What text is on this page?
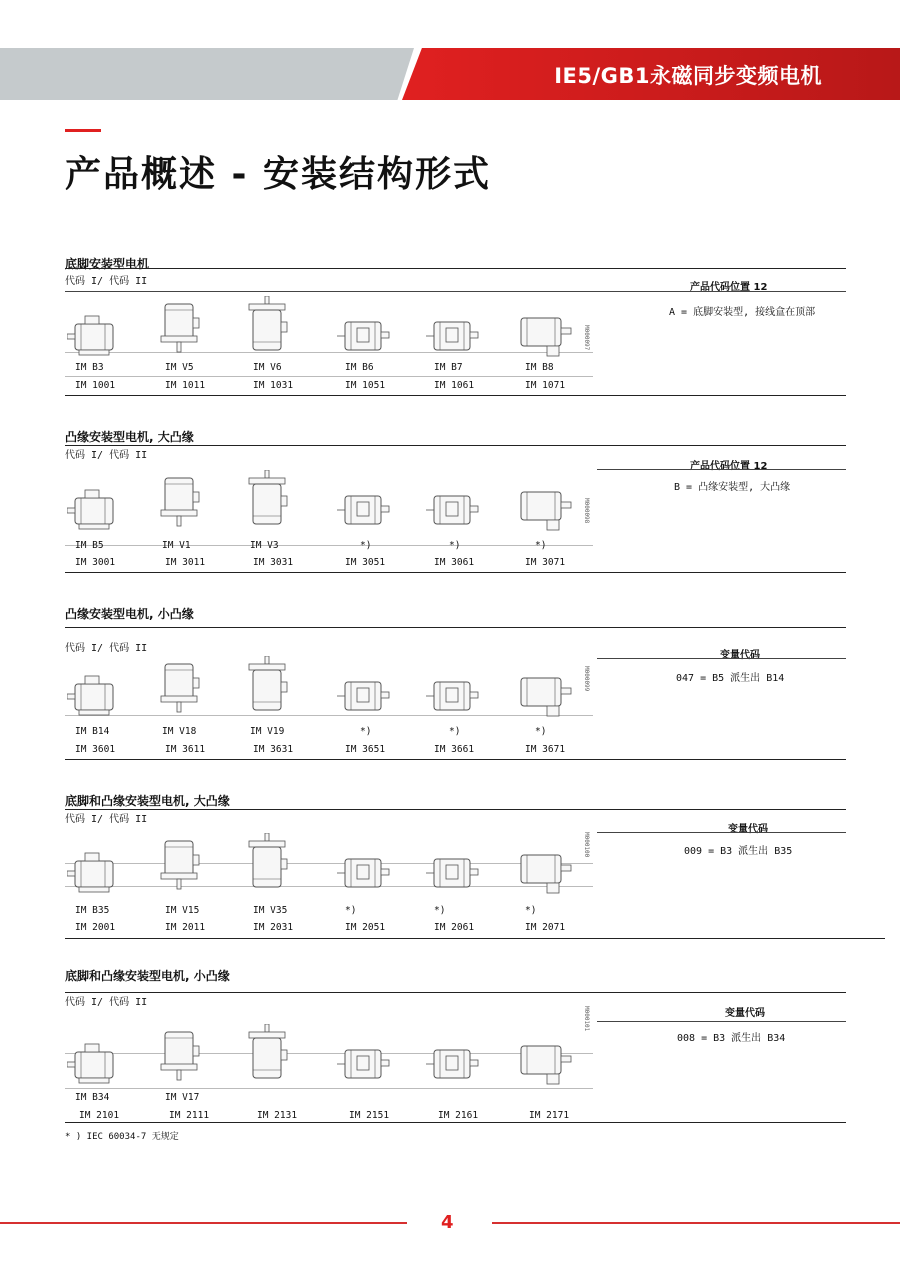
IE5/GB1永磁同步变频电机
产品概述 - 安装结构形式
底脚安装型电机
代码 I/ 代码 II
产品代码位置 12
A = 底脚安装型, 接线盒在顶部
M000097
IM B3	IM V5	IM V6	IM B6	IM B7	IM B8
IM 1001	IM 1011	IM 1031	IM 1051	IM 1061	IM 1071
凸缘安装型电机, 大凸缘
代码 I/ 代码 II
产品代码位置 12
B = 凸缘安装型, 大凸缘
M000098
IM B5	IM V1	IM V3	*)	*)	*)
IM 3001	IM 3011	IM 3031	IM 3051	IM 3061	IM 3071
凸缘安装型电机, 小凸缘
代码 I/ 代码 II
变量代码
047 = B5 派生出 B14
M000099
IM B14	IM V18	IM V19	*)	*)	*)
IM 3601	IM 3611	IM 3631	IM 3651	IM 3661	IM 3671
底脚和凸缘安装型电机, 大凸缘
代码 I/ 代码 II
变量代码
009 = B3 派生出 B35
M000100
IM B35	IM V15	IM V35	*)	*)	*)
IM 2001	IM 2011	IM 2031	IM 2051	IM 2061	IM 2071
底脚和凸缘安装型电机, 小凸缘
代码 I/ 代码 II
变量代码
008 = B3 派生出 B34
M000101
IM B34	IM V17
IM 2101	IM 2111	IM 2131	IM 2151	IM 2161	IM 2171
* ) IEC 60034-7 无规定
4
